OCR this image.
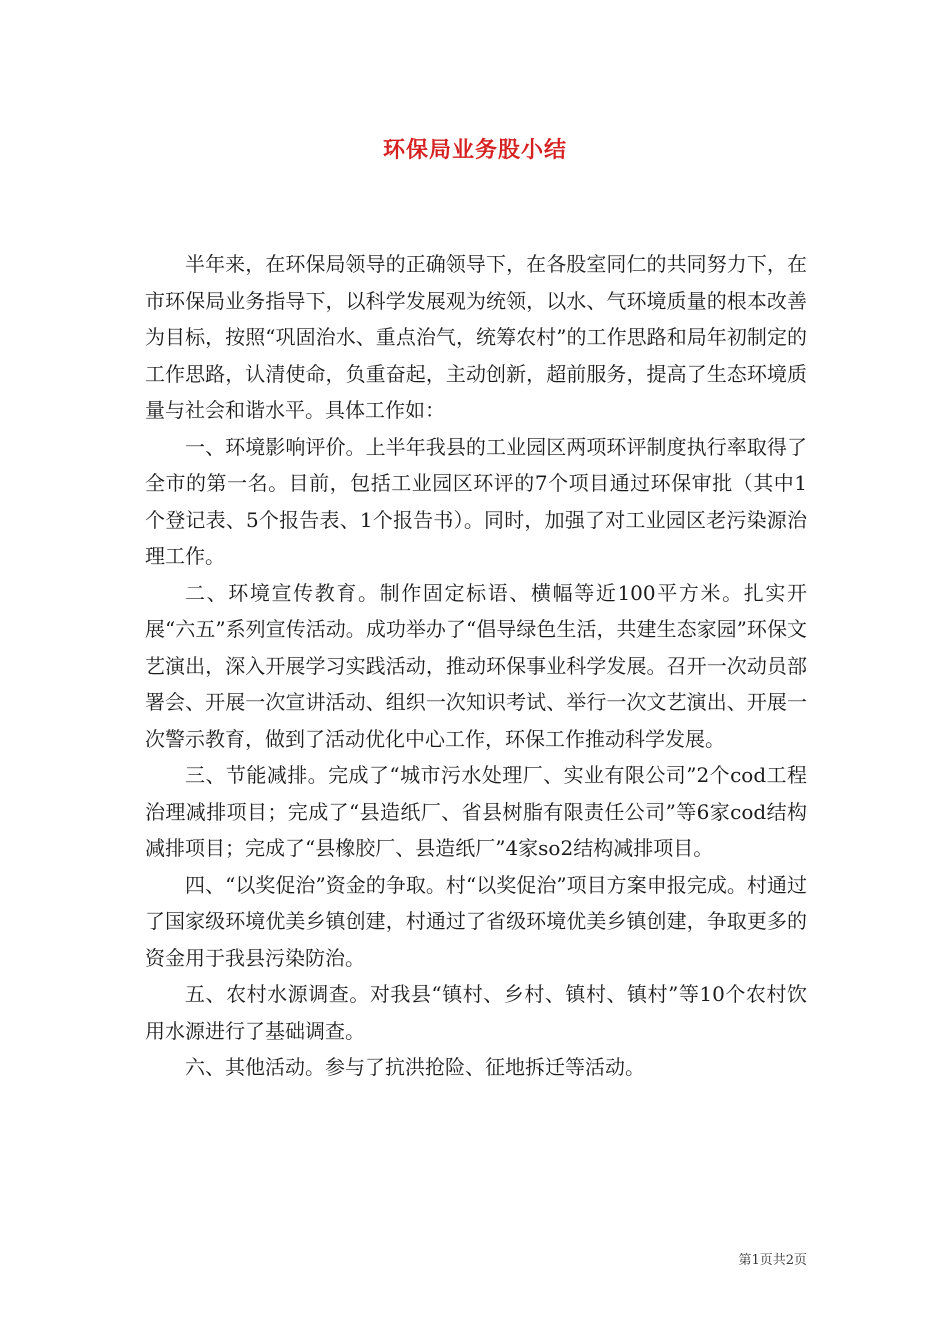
环保局业务股小结

半年来，在环保局领导的正确领导下，在各股室同仁的共同努力下，在市环保局业务指导下，以科学发展观为统领，以水、气环境质量的根本改善为目标，按照“巩固治水、重点治气，统筹农村”的工作思路和局年初制定的工作思路，认清使命，负重奋起，主动创新，超前服务，提高了生态环境质量与社会和谐水平。具体工作如：

一、环境影响评价。上半年我县的工业园区两项环评制度执行率取得了全市的第一名。目前，包括工业园区环评的7个项目通过环保审批（其中1个登记表、5个报告表、1个报告书）。同时，加强了对工业园区老污染源治理工作。

二、环境宣传教育。制作固定标语、横幅等近100平方米。扎实开展“六五”系列宣传活动。成功举办了“倡导绿色生活，共建生态家园”环保文艺演出，深入开展学习实践活动，推动环保事业科学发展。召开一次动员部署会、开展一次宣讲活动、组织一次知识考试、举行一次文艺演出、开展一次警示教育，做到了活动优化中心工作，环保工作推动科学发展。

三、节能减排。完成了“城市污水处理厂、实业有限公司”2个cod工程治理减排项目；完成了“县造纸厂、省县树脂有限责任公司”等6家cod结构减排项目；完成了“县橡胶厂、县造纸厂”4家so2结构减排项目。

四、“以奖促治”资金的争取。村“以奖促治”项目方案申报完成。村通过了国家级环境优美乡镇创建，村通过了省级环境优美乡镇创建，争取更多的资金用于我县污染防治。

五、农村水源调查。对我县“镇村、乡村、镇村、镇村”等10个农村饮用水源进行了基础调查。

六、其他活动。参与了抗洪抢险、征地拆迁等活动。

第1页共2页
